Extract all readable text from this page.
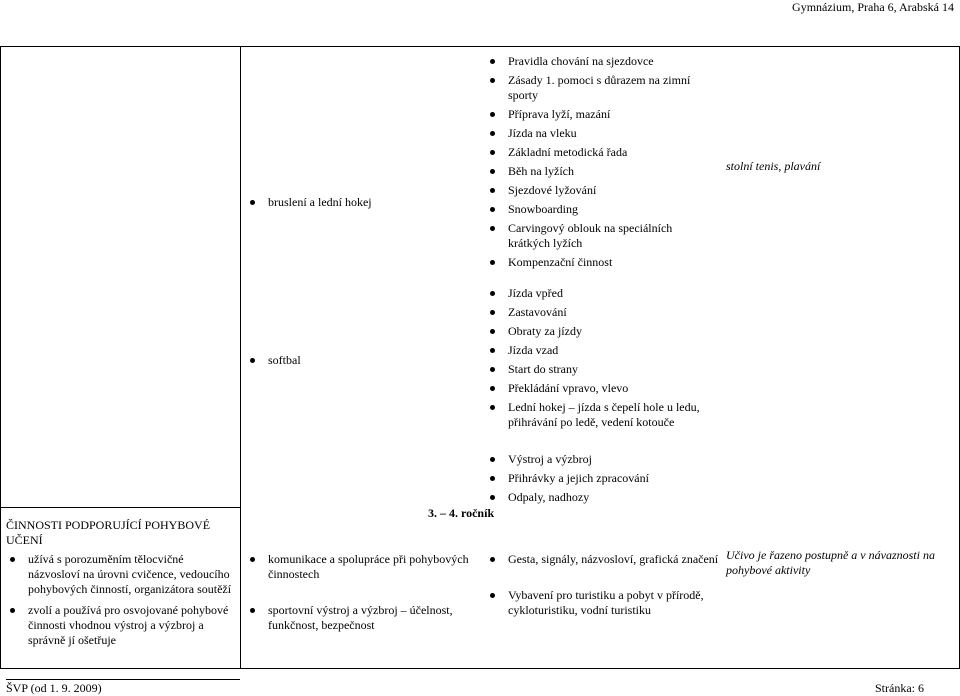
Gymnázium, Praha 6, Arabská 14
bruslení a lední hokej
Pravidla chování na sjezdovce
Zásady 1. pomoci s důrazem na zimní sporty
Příprava lyží, mazání
Jízda na vleku
Základní metodická řada
Běh na lyžích
Sjezdové lyžování
Snowboarding
Carvingový oblouk na speciálních krátkých lyžích
Kompenzační činnost
stolní tenis, plavání
softbal
Jízda vpřed
Zastavování
Obraty za jízdy
Jízda vzad
Start do strany
Překládání vpravo, vlevo
Lední hokej – jízda s čepelí hole u ledu, přihrávání po ledě, vedení kotouče
Výstroj a výzbroj
Přihrávky a jejich zpracování
Odpaly, nadhozy
3. – 4. ročník
ČINNOSTI PODPORUJÍCÍ POHYBOVÉ UČENÍ
užívá s porozuměním tělocvičné názvosloví na úrovni cvičence, vedoucího pohybových činností, organizátora soutěží
zvolí a používá pro osvojované pohybové činnosti vhodnou výstroj a výzbroj a správně jí ošetřuje
komunikace a spolupráce při pohybových činnostech
sportovní výstroj a výzbroj – účelnost, funkčnost, bezpečnost
Gesta, signály, názvosloví, grafická značení
Vybavení pro turistiku a pobyt v přírodě, cykloturistiku, vodní turistiku
Učivo je řazeno postupně a v návaznosti na pohybové aktivity
ŠVP (od 1. 9. 2009)	Stránka: 6
